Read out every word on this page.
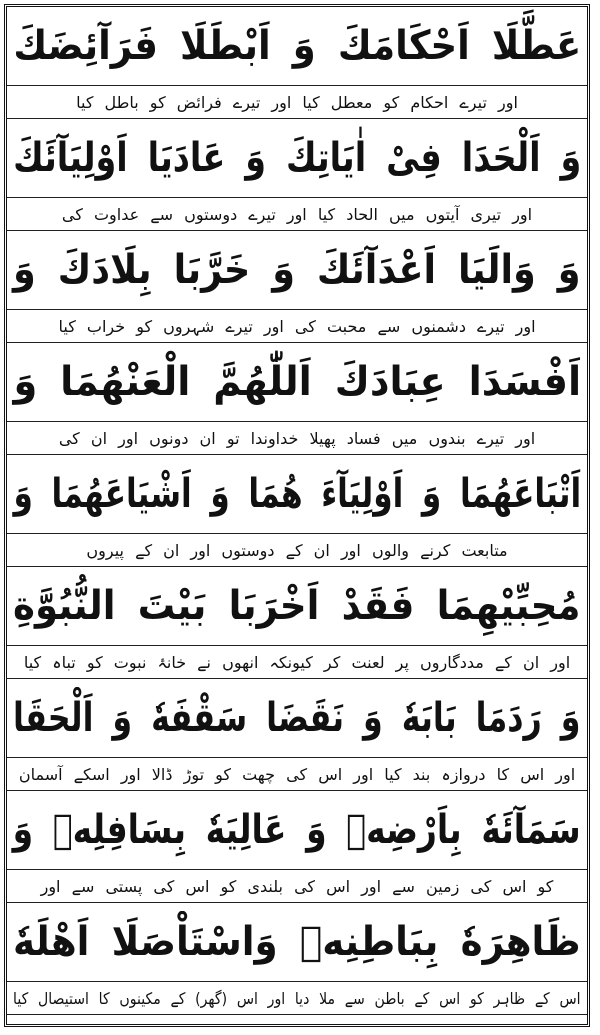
عَطَّلَا اَحْكَامَكَ وَ اَبْطَلَا فَرَآئِضَكَ
اور تیرے احکام کو معطل کیا اور تیرے فرائض کو باطل کیا
وَ اَلْحَدَا فِیْ اٰیَاتِكَ وَ عَادَیَا اَوْلِیَآئَكَ
اور تیری آیتوں میں الحاد کیا اور تیرے دوستوں سے عداوت کی
وَ وَالَیَا اَعْدَآئَكَ وَ خَرَّبَا بِلَادَكَ وَ
اور تیرے دشمنوں سے محبت کی اور تیرے شہروں کو خراب کیا
اَفْسَدَا عِبَادَكَ اَللّٰهُمَّ الْعَنْهُمَا وَ
اور تیرے بندوں میں فساد پھیلا خداوندا تو ان دونوں اور ان کی
اَتْبَاعَهُمَا وَ اَوْلِیَآءَ هُمَا وَ اَشْیَاعَهُمَا وَ
متابعت کرنے والوں اور ان کے دوستوں اور ان کے پیروں
مُحِبِّیْهِمَا فَقَدْ اَخْرَبَا بَیْتَ النُّبُوَّةِ
اور ان کے مددگاروں پر لعنت کر کیونکہ انھوں نے خانۂ نبوت کو تباہ کیا
وَ رَدَمَا بَابَهٗ وَ نَقَضَا سَقْفَهٗ وَ اَلْحَقَا
اور اس کا دروازہ بند کیا اور اس کی چھت کو توڑ ڈالا اور اسکے آسمان
سَمَآئَهٗ بِاَرْضِهٖ وَ عَالِیَهٗ بِسَافِلِهٖ وَ
کو اس کی زمین سے اور اس کی بلندی کو اس کی پستی سے اور
ظَاهِرَهٗ بِبَاطِنِهٖ وَاسْتَاْصَلَا اَهْلَهٗ
اس کے ظاہر کو اس کے باطن سے ملا دیا اور اس (گھر) کے مکینوں کا استیصال کیا
